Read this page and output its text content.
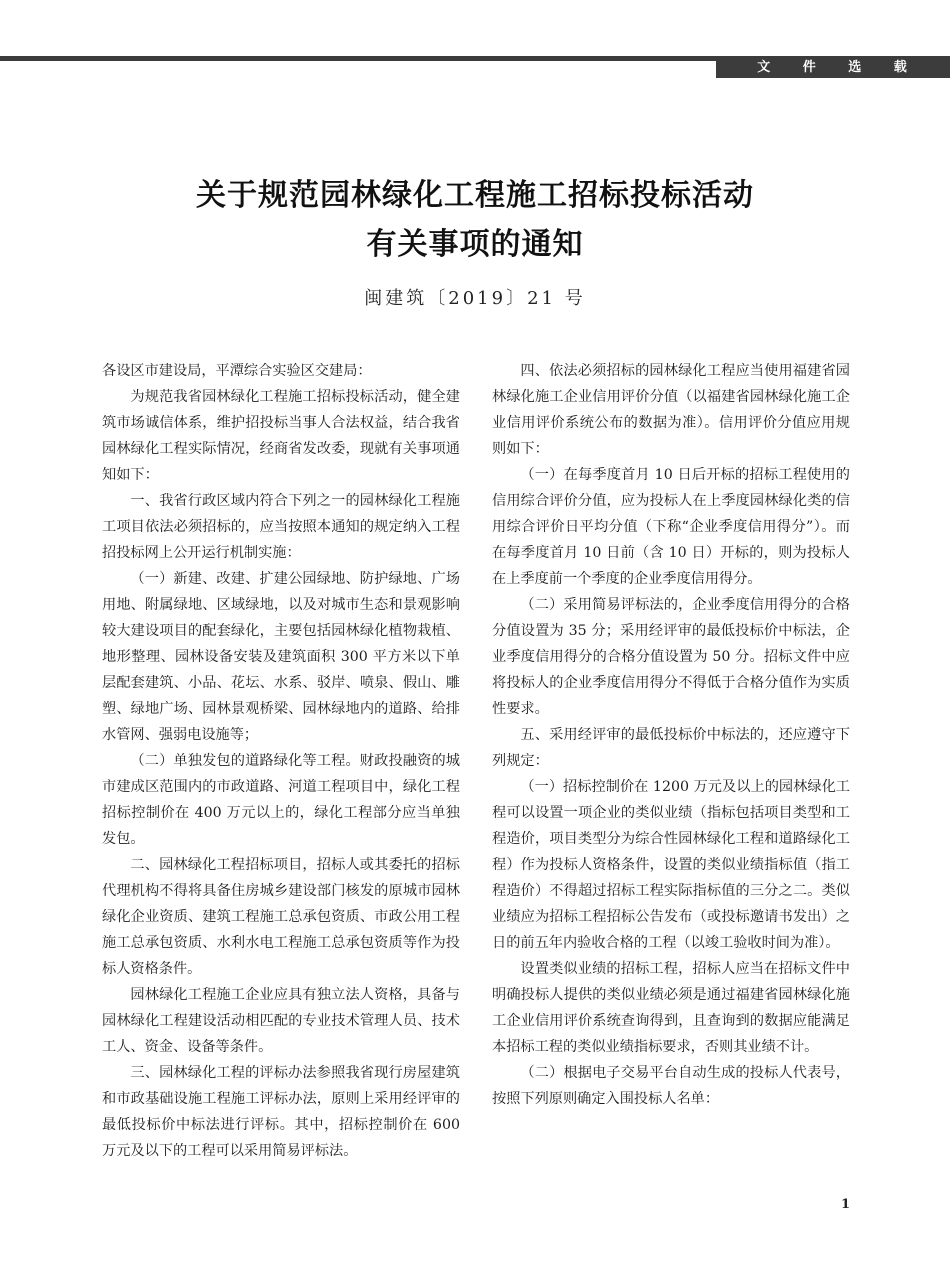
文 件 选 载
关于规范园林绿化工程施工招标投标活动
有关事项的通知
闽建筑〔2019〕21 号

各设区市建设局，平潭综合实验区交建局：

为规范我省园林绿化工程施工招标投标活动，健全建筑市场诚信体系，维护招投标当事人合法权益，结合我省园林绿化工程实际情况，经商省发改委，现就有关事项通知如下：

一、我省行政区域内符合下列之一的园林绿化工程施工项目依法必须招标的，应当按照本通知的规定纳入工程招投标网上公开运行机制实施：

（一）新建、改建、扩建公园绿地、防护绿地、广场用地、附属绿地、区域绿地，以及对城市生态和景观影响较大建设项目的配套绿化，主要包括园林绿化植物栽植、地形整理、园林设备安装及建筑面积 300 平方米以下单层配套建筑、小品、花坛、水系、驳岸、喷泉、假山、雕塑、绿地广场、园林景观桥梁、园林绿地内的道路、给排水管网、强弱电设施等；

（二）单独发包的道路绿化等工程。财政投融资的城市建成区范围内的市政道路、河道工程项目中，绿化工程招标控制价在 400 万元以上的，绿化工程部分应当单独发包。

二、园林绿化工程招标项目，招标人或其委托的招标代理机构不得将具备住房城乡建设部门核发的原城市园林绿化企业资质、建筑工程施工总承包资质、市政公用工程施工总承包资质、水利水电工程施工总承包资质等作为投标人资格条件。

园林绿化工程施工企业应具有独立法人资格，具备与园林绿化工程建设活动相匹配的专业技术管理人员、技术工人、资金、设备等条件。

三、园林绿化工程的评标办法参照我省现行房屋建筑和市政基础设施工程施工评标办法，原则上采用经评审的最低投标价中标法进行评标。其中，招标控制价在 600 万元及以下的工程可以采用简易评标法。

四、依法必须招标的园林绿化工程应当使用福建省园林绿化施工企业信用评价分值（以福建省园林绿化施工企业信用评价系统公布的数据为准）。信用评价分值应用规则如下：

（一）在每季度首月 10 日后开标的招标工程使用的信用综合评价分值，应为投标人在上季度园林绿化类的信用综合评价日平均分值（下称“企业季度信用得分”）。而在每季度首月 10 日前（含 10 日）开标的，则为投标人在上季度前一个季度的企业季度信用得分。

（二）采用简易评标法的，企业季度信用得分的合格分值设置为 35 分；采用经评审的最低投标价中标法，企业季度信用得分的合格分值设置为 50 分。招标文件中应将投标人的企业季度信用得分不得低于合格分值作为实质性要求。

五、采用经评审的最低投标价中标法的，还应遵守下列规定：

（一）招标控制价在 1200 万元及以上的园林绿化工程可以设置一项企业的类似业绩（指标包括项目类型和工程造价，项目类型分为综合性园林绿化工程和道路绿化工程）作为投标人资格条件，设置的类似业绩指标值（指工程造价）不得超过招标工程实际指标值的三分之二。类似业绩应为招标工程招标公告发布（或投标邀请书发出）之日的前五年内验收合格的工程（以竣工验收时间为准）。

设置类似业绩的招标工程，招标人应当在招标文件中明确投标人提供的类似业绩必须是通过福建省园林绿化施工企业信用评价系统查询得到，且查询到的数据应能满足本招标工程的类似业绩指标要求，否则其业绩不计。

（二）根据电子交易平台自动生成的投标人代表号，按照下列原则确定入围投标人名单：

1
